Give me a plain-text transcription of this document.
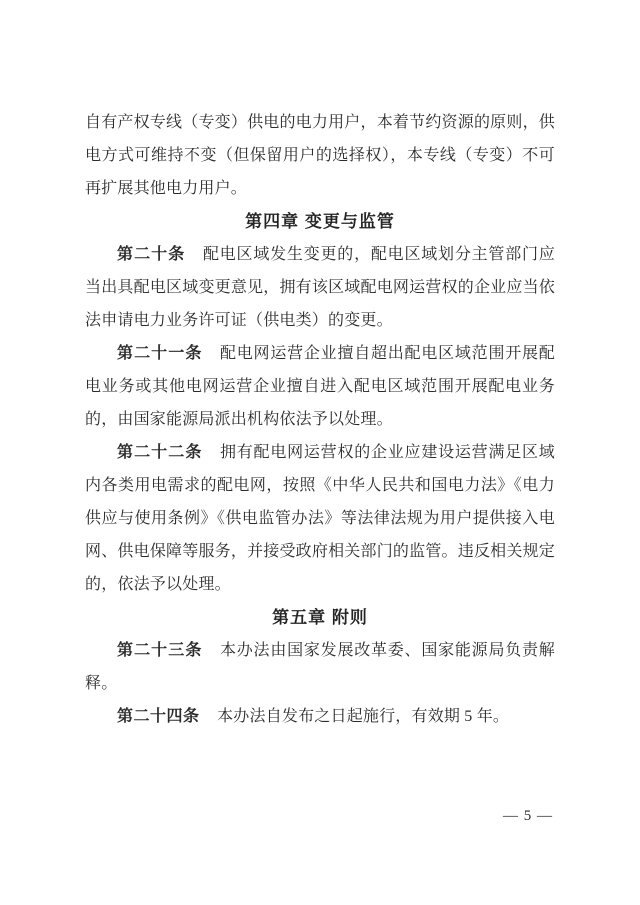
自有产权专线（专变）供电的电力用户，本着节约资源的原则，供电方式可维持不变（但保留用户的选择权），本专线（专变）不可再扩展其他电力用户。

第四章 变更与监管

第二十条 配电区域发生变更的，配电区域划分主管部门应当出具配电区域变更意见，拥有该区域配电网运营权的企业应当依法申请电力业务许可证（供电类）的变更。

第二十一条 配电网运营企业擅自超出配电区域范围开展配电业务或其他电网运营企业擅自进入配电区域范围开展配电业务的，由国家能源局派出机构依法予以处理。

第二十二条 拥有配电网运营权的企业应建设运营满足区域内各类用电需求的配电网，按照《中华人民共和国电力法》《电力供应与使用条例》《供电监管办法》等法律法规为用户提供接入电网、供电保障等服务，并接受政府相关部门的监管。违反相关规定的，依法予以处理。

第五章 附则

第二十三条 本办法由国家发展改革委、国家能源局负责解释。

第二十四条 本办法自发布之日起施行，有效期 5 年。

— 5 —
